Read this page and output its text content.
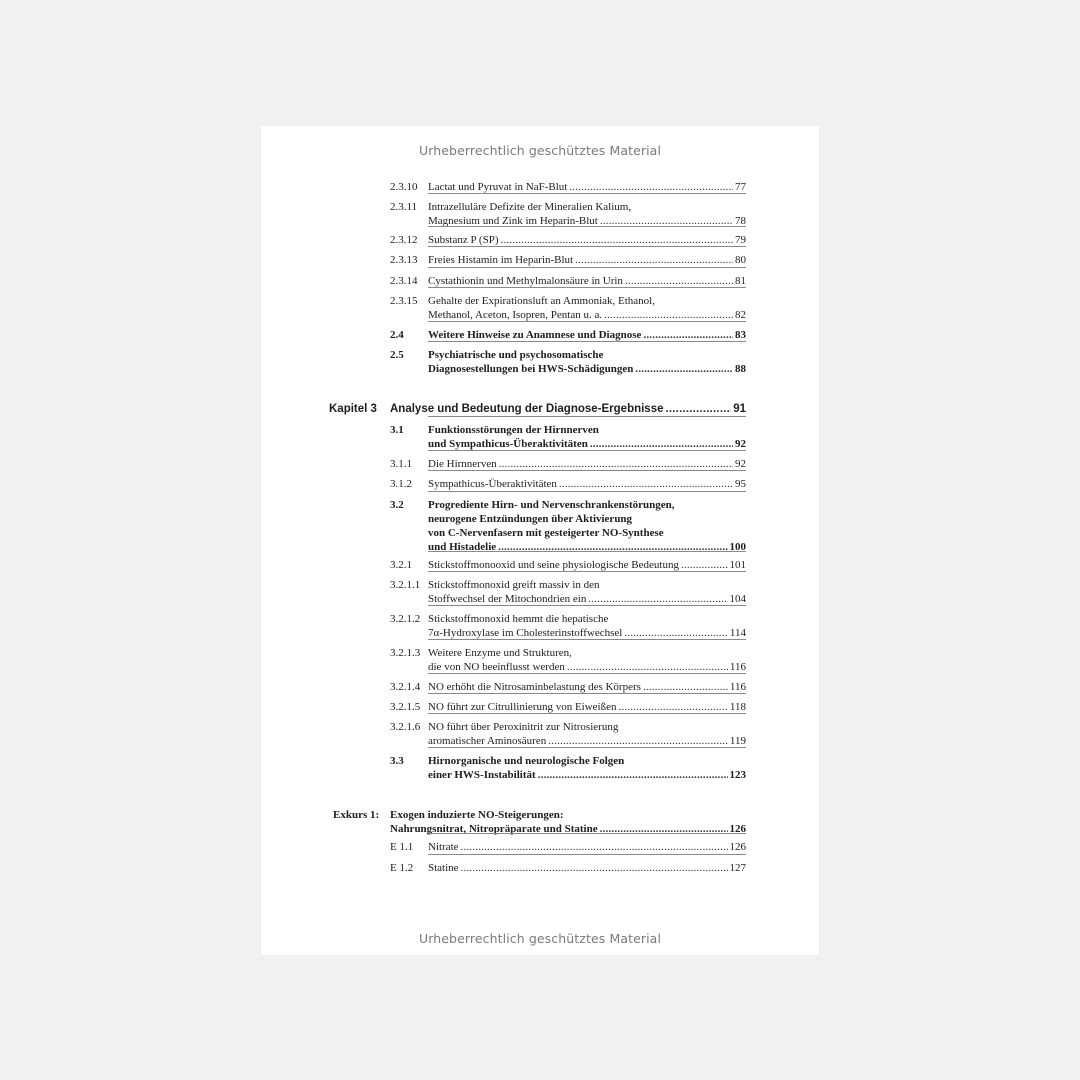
Urheberrechtlich geschütztes Material
2.3.10 Lactat und Pyruvat in NaF-Blut .....	77
2.3.11 Intrazelluläre Defizite der Mineralien Kalium,
Magnesium und Zink im Heparin-Blut .....	78
2.3.12 Substanz P (SP) .....	79
2.3.13 Freies Histamin im Heparin-Blut .....	80
2.3.14 Cystathionin und Methylmalonsäure in Urin .....	81
2.3.15 Gehalte der Expirationsluft an Ammoniak, Ethanol,
Methanol, Aceton, Isopren, Pentan u. a. .....	82
2.4 Weitere Hinweise zu Anamnese und Diagnose .....	83
2.5 Psychiatrische und psychosomatische
Diagnosestellungen bei HWS-Schädigungen .....	88
Kapitel 3 Analyse und Bedeutung der Diagnose-Ergebnisse .....	91
3.1 Funktionsstörungen der Hirnnerven
und Sympathicus-Überaktivitäten .....	92
3.1.1 Die Hirnnerven .....	92
3.1.2 Sympathicus-Überaktivitäten .....	95
3.2 Progrediente Hirn- und Nervenschrankenstörungen,
neurogene Entzündungen über Aktivierung
von C-Nervenfasern mit gesteigerter NO-Synthese
und Histadelie .....	100
3.2.1 Stickstoffmonooxid und seine physiologische Bedeutung .....	101
3.2.1.1 Stickstoffmonoxid greift massiv in den
Stoffwechsel der Mitochondrien ein .....	104
3.2.1.2 Stickstoffmonoxid hemmt die hepatische
7α-Hydroxylase im Cholesterinstoffwechsel .....	114
3.2.1.3 Weitere Enzyme und Strukturen,
die von NO beeinflusst werden .....	116
3.2.1.4 NO erhöht die Nitrosaminbelastung des Körpers .....	116
3.2.1.5 NO führt zur Citrullinierung von Eiweißen .....	118
3.2.1.6 NO führt über Peroxinitrit zur Nitrosierung
aromatischer Aminosäuren .....	119
3.3 Hirnorganische und neurologische Folgen
einer HWS-Instabilität .....	123
Exkurs 1: Exogen induzierte NO-Steigerungen:
Nahrungsnitrat, Nitropräparate und Statine .....	126
E 1.1 Nitrate .....	126
E 1.2 Statine .....	127
Urheberrechtlich geschütztes Material
